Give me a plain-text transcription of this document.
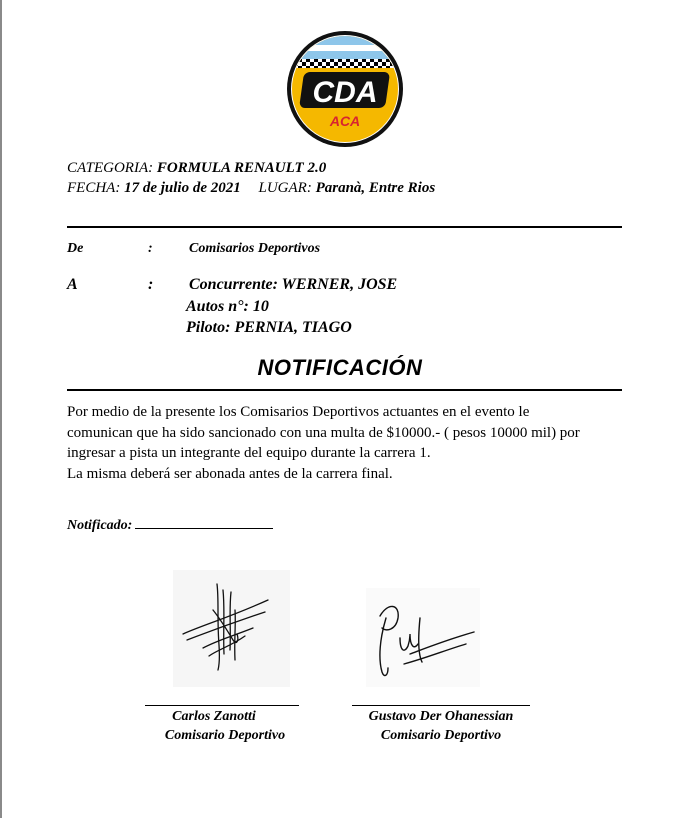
CDA
ACA
CATEGORIA: FORMULA RENAULT 2.0
FECHA: 17 de julio de 2021 LUGAR: Paranà, Entre Rios
De	:	Comisarios Deportivos
A	: Concurrente: WERNER, JOSE
Autos n°: 10
Piloto: PERNIA, TIAGO
NOTIFICACIÓN

Por medio de la presente los Comisarios Deportivos actuantes en el evento le

comunican que ha sido sancionado con una multa de $10000.- ( pesos 10000 mil) por

ingresar a pista un integrante del equipo durante la carrera 1.

La misma deberá ser abonada antes de la carrera final.

Notificado:
Carlos Zanotti
Comisario Deportivo
Gustavo Der Ohanessian
Comisario Deportivo
